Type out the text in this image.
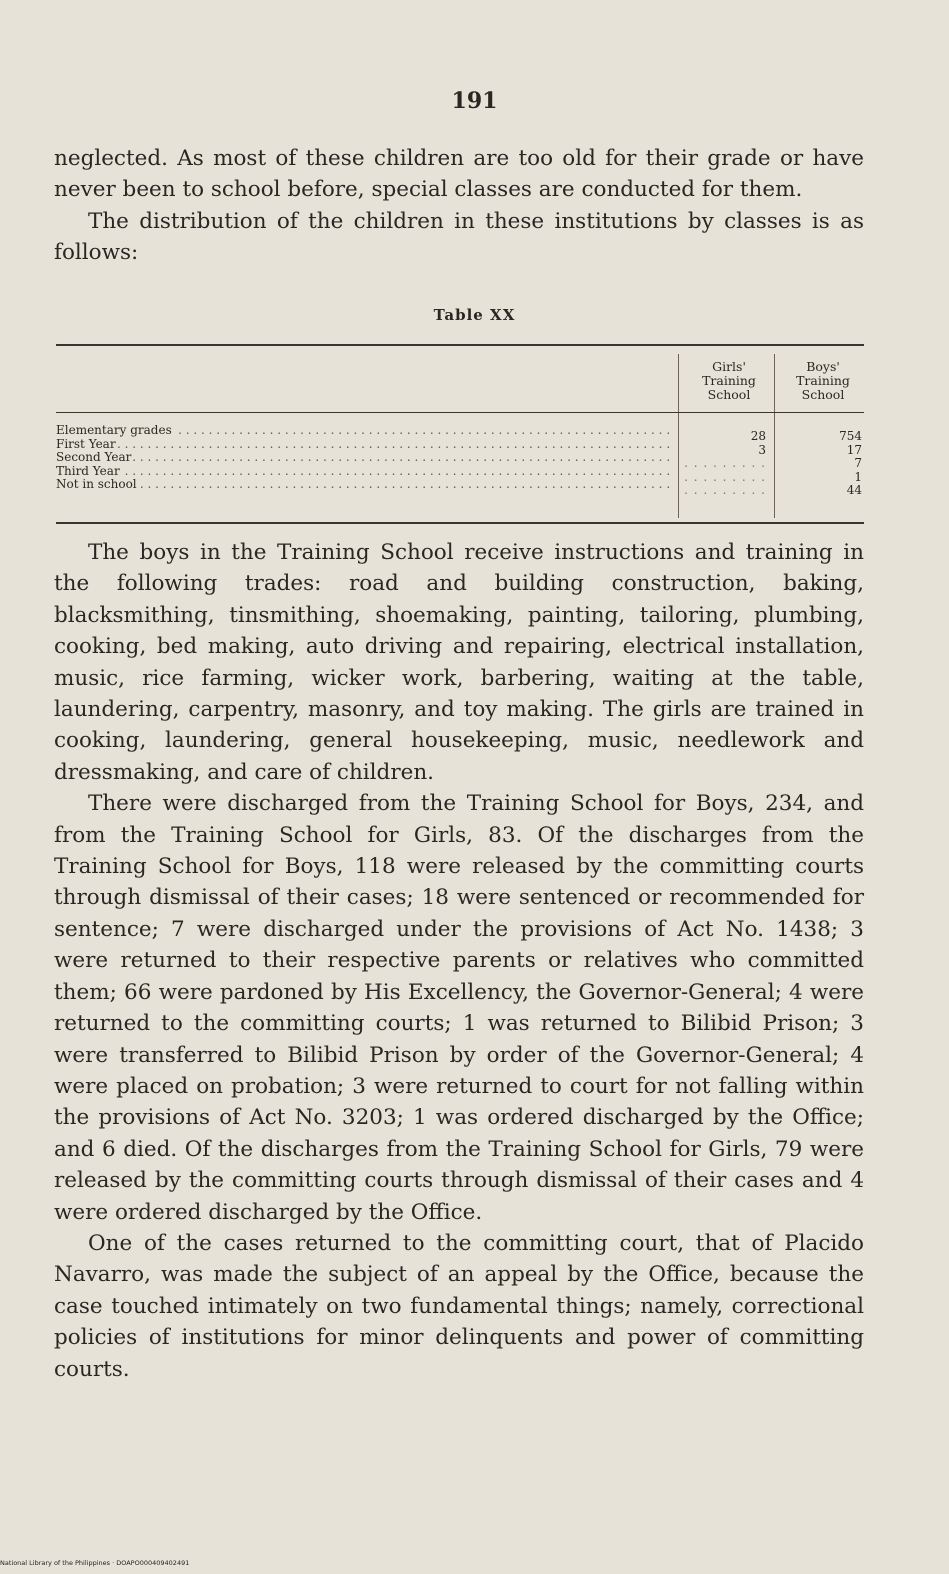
191

neglected. As most of these children are too old for their grade or have never been to school before, special classes are conducted for them.

The distribution of the children in these institutions by classes is as follows:

Table XX
Girls' Training School
Boys' Training School
Elementary grades . . .
First Year . . .
Second Year . . .
Third Year . . .
Not in school . . .
28
3
. . . . . . . . .
. . . . . . . . .
. . . . . . . . .
754
17
7
1
44

The boys in the Training School receive instructions and training in the following trades: road and building construction, baking, blacksmithing, tinsmithing, shoemaking, painting, tailoring, plumbing, cooking, bed making, auto driving and repairing, electrical installation, music, rice farming, wicker work, barbering, waiting at the table, laundering, carpentry, masonry, and toy making. The girls are trained in cooking, laundering, general housekeeping, music, needlework and dressmaking, and care of children.

There were discharged from the Training School for Boys, 234, and from the Training School for Girls, 83. Of the discharges from the Training School for Boys, 118 were released by the committing courts through dismissal of their cases; 18 were sentenced or recommended for sentence; 7 were discharged under the provisions of Act No. 1438; 3 were returned to their respective parents or relatives who committed them; 66 were pardoned by His Excellency, the Governor-General; 4 were returned to the committing courts; 1 was returned to Bilibid Prison; 3 were transferred to Bilibid Prison by order of the Governor-General; 4 were placed on probation; 3 were returned to court for not falling within the provisions of Act No. 3203; 1 was ordered discharged by the Office; and 6 died. Of the discharges from the Training School for Girls, 79 were released by the committing courts through dismissal of their cases and 4 were ordered discharged by the Office.

One of the cases returned to the committing court, that of Placido Navarro, was made the subject of an appeal by the Office, because the case touched intimately on two fundamental things; namely, correctional policies of institutions for minor delinquents and power of committing courts.

National Library of the Philippines · DOAPO000409402491
